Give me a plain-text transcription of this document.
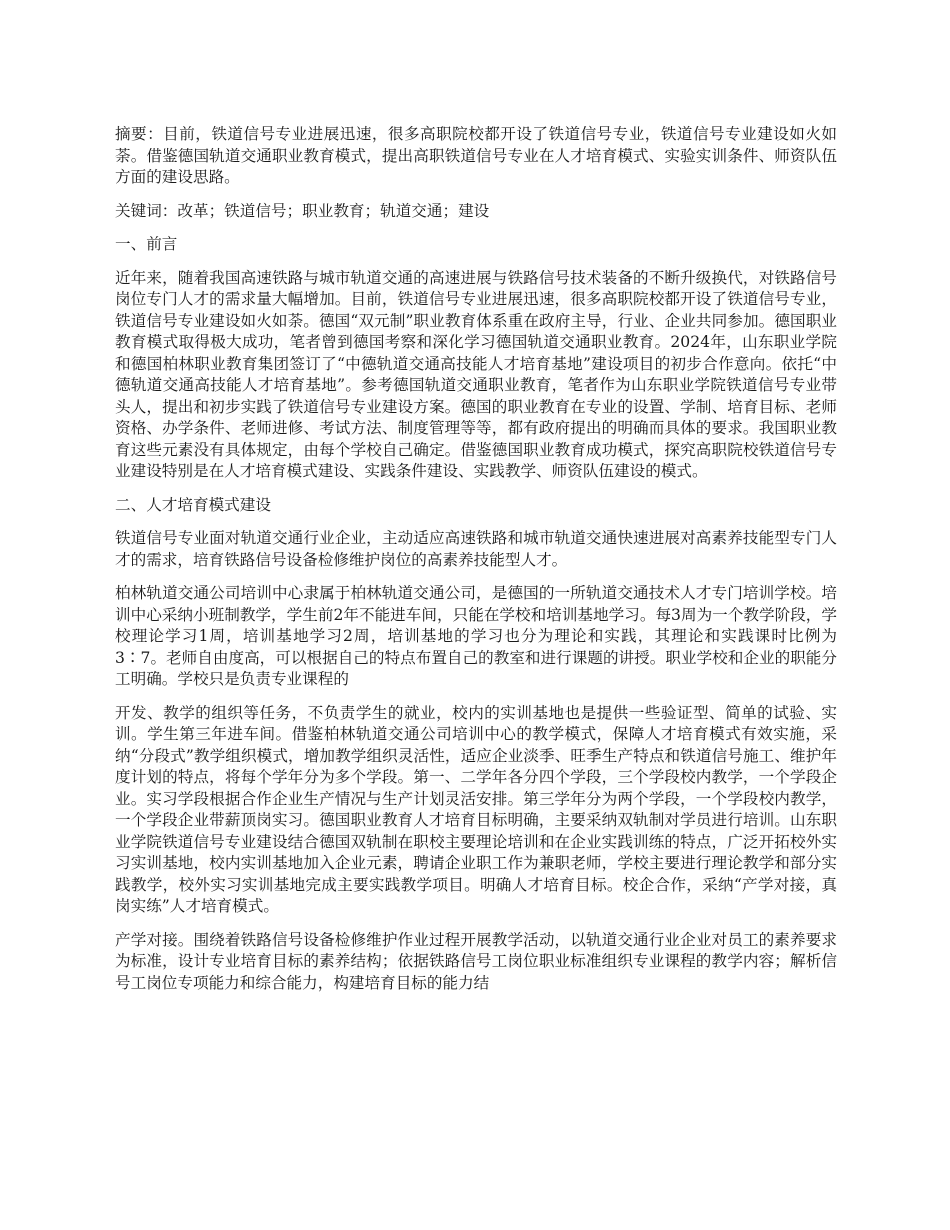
摘要：目前，铁道信号专业进展迅速，很多高职院校都开设了铁道信号专业，铁道信号专业建设如火如荼。借鉴德国轨道交通职业教育模式，提出高职铁道信号专业在人才培育模式、实验实训条件、师资队伍方面的建设思路。

关键词：改革；铁道信号；职业教育；轨道交通；建设

一、前言

近年来，随着我国高速铁路与城市轨道交通的高速进展与铁路信号技术装备的不断升级换代，对铁路信号岗位专门人才的需求量大幅增加。目前，铁道信号专业进展迅速，很多高职院校都开设了铁道信号专业，铁道信号专业建设如火如荼。德国“双元制”职业教育体系重在政府主导，行业、企业共同参加。德国职业教育模式取得极大成功，笔者曾到德国考察和深化学习德国轨道交通职业教育。2024年，山东职业学院和德国柏林职业教育集团签订了“中德轨道交通高技能人才培育基地”建设项目的初步合作意向。依托“中德轨道交通高技能人才培育基地”。参考德国轨道交通职业教育，笔者作为山东职业学院铁道信号专业带头人，提出和初步实践了铁道信号专业建设方案。德国的职业教育在专业的设置、学制、培育目标、老师资格、办学条件、老师进修、考试方法、制度管理等等，都有政府提出的明确而具体的要求。我国职业教育这些元素没有具体规定，由每个学校自己确定。借鉴德国职业教育成功模式，探究高职院校铁道信号专业建设特别是在人才培育模式建设、实践条件建设、实践教学、师资队伍建设的模式。

二、人才培育模式建设

铁道信号专业面对轨道交通行业企业，主动适应高速铁路和城市轨道交通快速进展对高素养技能型专门人才的需求，培育铁路信号设备检修维护岗位的高素养技能型人才。

柏林轨道交通公司培训中心隶属于柏林轨道交通公司，是德国的一所轨道交通技术人才专门培训学校。培训中心采纳小班制教学，学生前2年不能进车间，只能在学校和培训基地学习。每3周为一个教学阶段，学校理论学习1周，培训基地学习2周，培训基地的学习也分为理论和实践，其理论和实践课时比例为3∶7。老师自由度高，可以根据自己的特点布置自己的教室和进行课题的讲授。职业学校和企业的职能分工明确。学校只是负责专业课程的

开发、教学的组织等任务，不负责学生的就业，校内的实训基地也是提供一些验证型、简单的试验、实训。学生第三年进车间。借鉴柏林轨道交通公司培训中心的教学模式，保障人才培育模式有效实施，采纳“分段式”教学组织模式，增加教学组织灵活性，适应企业淡季、旺季生产特点和铁道信号施工、维护年度计划的特点，将每个学年分为多个学段。第一、二学年各分四个学段，三个学段校内教学，一个学段企业。实习学段根据合作企业生产情况与生产计划灵活安排。第三学年分为两个学段，一个学段校内教学，一个学段企业带薪顶岗实习。德国职业教育人才培育目标明确，主要采纳双轨制对学员进行培训。山东职业学院铁道信号专业建设结合德国双轨制在职校主要理论培训和在企业实践训练的特点，广泛开拓校外实习实训基地，校内实训基地加入企业元素，聘请企业职工作为兼职老师，学校主要进行理论教学和部分实践教学，校外实习实训基地完成主要实践教学项目。明确人才培育目标。校企合作，采纳“产学对接，真岗实练”人才培育模式。

产学对接。围绕着铁路信号设备检修维护作业过程开展教学活动，以轨道交通行业企业对员工的素养要求为标准，设计专业培育目标的素养结构；依据铁路信号工岗位职业标准组织专业课程的教学内容；解析信号工岗位专项能力和综合能力，构建培育目标的能力结
